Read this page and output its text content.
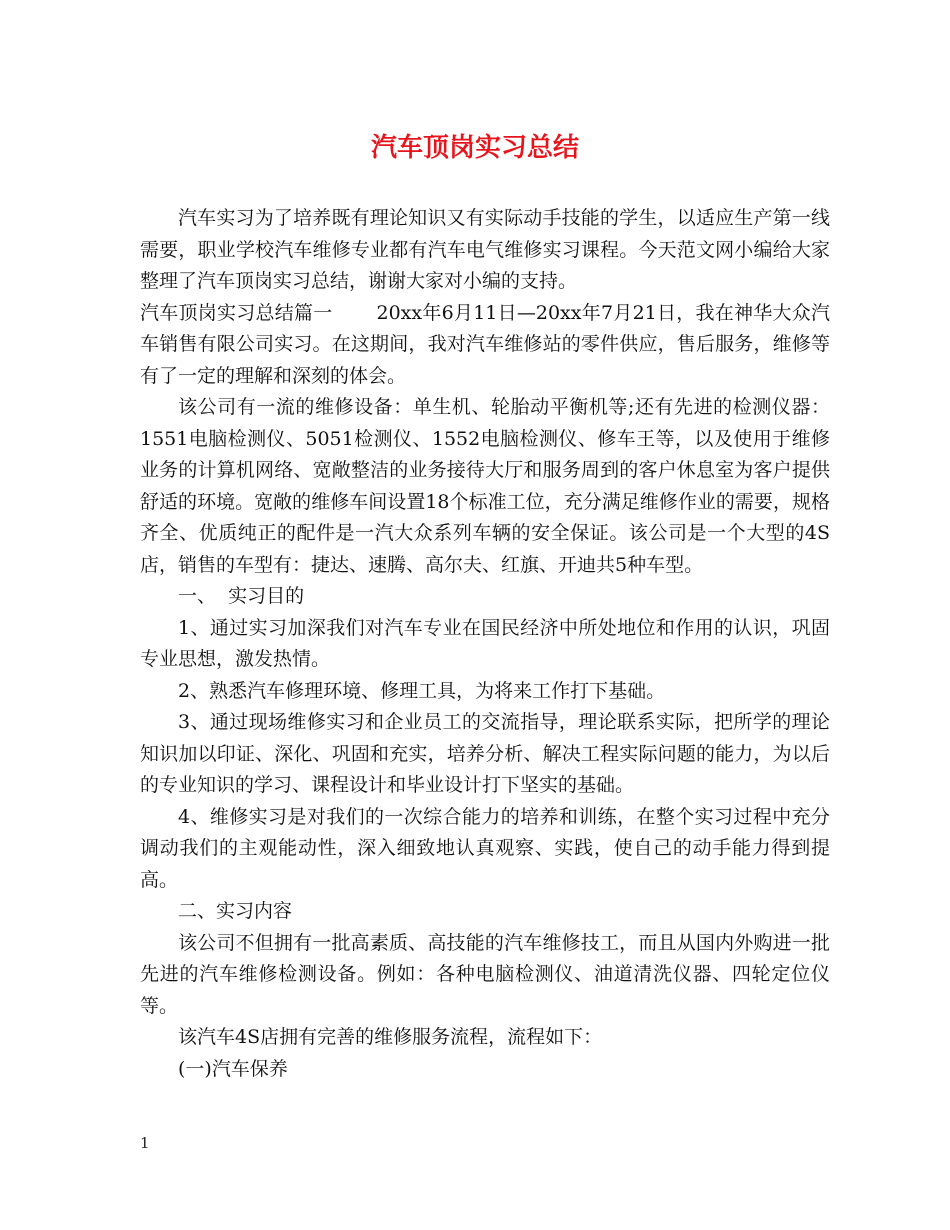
汽车顶岗实习总结

汽车实习为了培养既有理论知识又有实际动手技能的学生，以适应生产第一线需要，职业学校汽车维修专业都有汽车电气维修实习课程。今天范文网小编给大家整理了汽车顶岗实习总结，谢谢大家对小编的支持。

汽车顶岗实习总结篇一 20xx年6月11日—20xx年7月21日，我在神华大众汽车销售有限公司实习。在这期间，我对汽车维修站的零件供应，售后服务，维修等有了一定的理解和深刻的体会。

该公司有一流的维修设备：单生机、轮胎动平衡机等;还有先进的检测仪器：1551电脑检测仪、5051检测仪、1552电脑检测仪、修车王等，以及使用于维修业务的计算机网络、宽敞整洁的业务接待大厅和服务周到的客户休息室为客户提供舒适的环境。宽敞的维修车间设置18个标准工位，充分满足维修作业的需要，规格齐全、优质纯正的配件是一汽大众系列车辆的安全保证。该公司是一个大型的4S店，销售的车型有：捷达、速腾、高尔夫、红旗、开迪共5种车型。

一、  实习目的

1、通过实习加深我们对汽车专业在国民经济中所处地位和作用的认识，巩固专业思想，激发热情。

2、熟悉汽车修理环境、修理工具，为将来工作打下基础。

3、通过现场维修实习和企业员工的交流指导，理论联系实际，把所学的理论知识加以印证、深化、巩固和充实，培养分析、解决工程实际问题的能力，为以后的专业知识的学习、课程设计和毕业设计打下坚实的基础。

4、维修实习是对我们的一次综合能力的培养和训练，在整个实习过程中充分调动我们的主观能动性，深入细致地认真观察、实践，使自己的动手能力得到提高。

二、实习内容

该公司不但拥有一批高素质、高技能的汽车维修技工，而且从国内外购进一批先进的汽车维修检测设备。例如：各种电脑检测仪、油道清洗仪器、四轮定位仪等。

该汽车4S店拥有完善的维修服务流程，流程如下：

(一)汽车保养

1
